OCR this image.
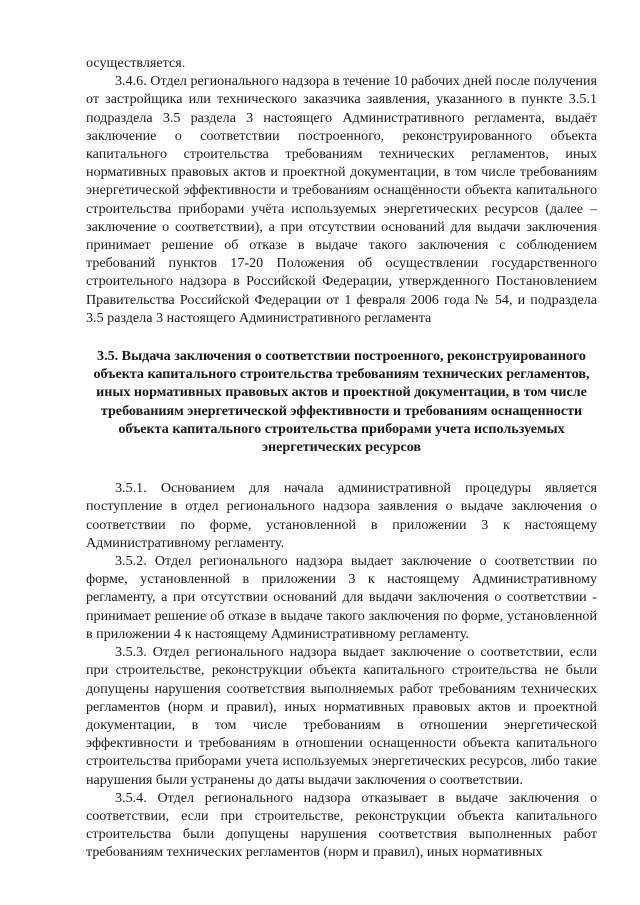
осуществляется.

3.4.6. Отдел регионального надзора в течение 10 рабочих дней после получения от застройщика или технического заказчика заявления, указанного в пункте 3.5.1 подраздела 3.5 раздела 3 настоящего Административного регламента, выдаёт заключение о соответствии построенного, реконструированного объекта капитального строительства требованиям технических регламентов, иных нормативных правовых актов и проектной документации, в том числе требованиям энергетической эффективности и требованиям оснащённости объекта капитального строительства приборами учёта используемых энергетических ресурсов (далее – заключение о соответствии), а при отсутствии оснований для выдачи заключения принимает решение об отказе в выдаче такого заключения с соблюдением требований пунктов 17-20 Положения об осуществлении государственного строительного надзора в Российской Федерации, утвержденного Постановлением Правительства Российской Федерации от 1 февраля 2006 года № 54, и подраздела 3.5 раздела 3 настоящего Административного регламента

3.5. Выдача заключения о соответствии построенного, реконструированного объекта капитального строительства требованиям технических регламентов, иных нормативных правовых актов и проектной документации, в том числе требованиям энергетической эффективности и требованиям оснащенности объекта капитального строительства приборами учета используемых энергетических ресурсов

3.5.1. Основанием для начала административной процедуры является поступление в отдел регионального надзора заявления о выдаче заключения о соответствии по форме, установленной в приложении 3 к настоящему Административному регламенту.

3.5.2. Отдел регионального надзора выдает заключение о соответствии по форме, установленной в приложении 3 к настоящему Административному регламенту, а при отсутствии оснований для выдачи заключения о соответствии - принимает решение об отказе в выдаче такого заключения по форме, установленной в приложении 4 к настоящему Административному регламенту.

3.5.3. Отдел регионального надзора выдает заключение о соответствии, если при строительстве, реконструкции объекта капитального строительства не были допущены нарушения соответствия выполняемых работ требованиям технических регламентов (норм и правил), иных нормативных правовых актов и проектной документации, в том числе требованиям в отношении энергетической эффективности и требованиям в отношении оснащенности объекта капитального строительства приборами учета используемых энергетических ресурсов, либо такие нарушения были устранены до даты выдачи заключения о соответствии.

3.5.4. Отдел регионального надзора отказывает в выдаче заключения о соответствии, если при строительстве, реконструкции объекта капитального строительства были допущены нарушения соответствия выполненных работ требованиям технических регламентов (норм и правил), иных нормативных
